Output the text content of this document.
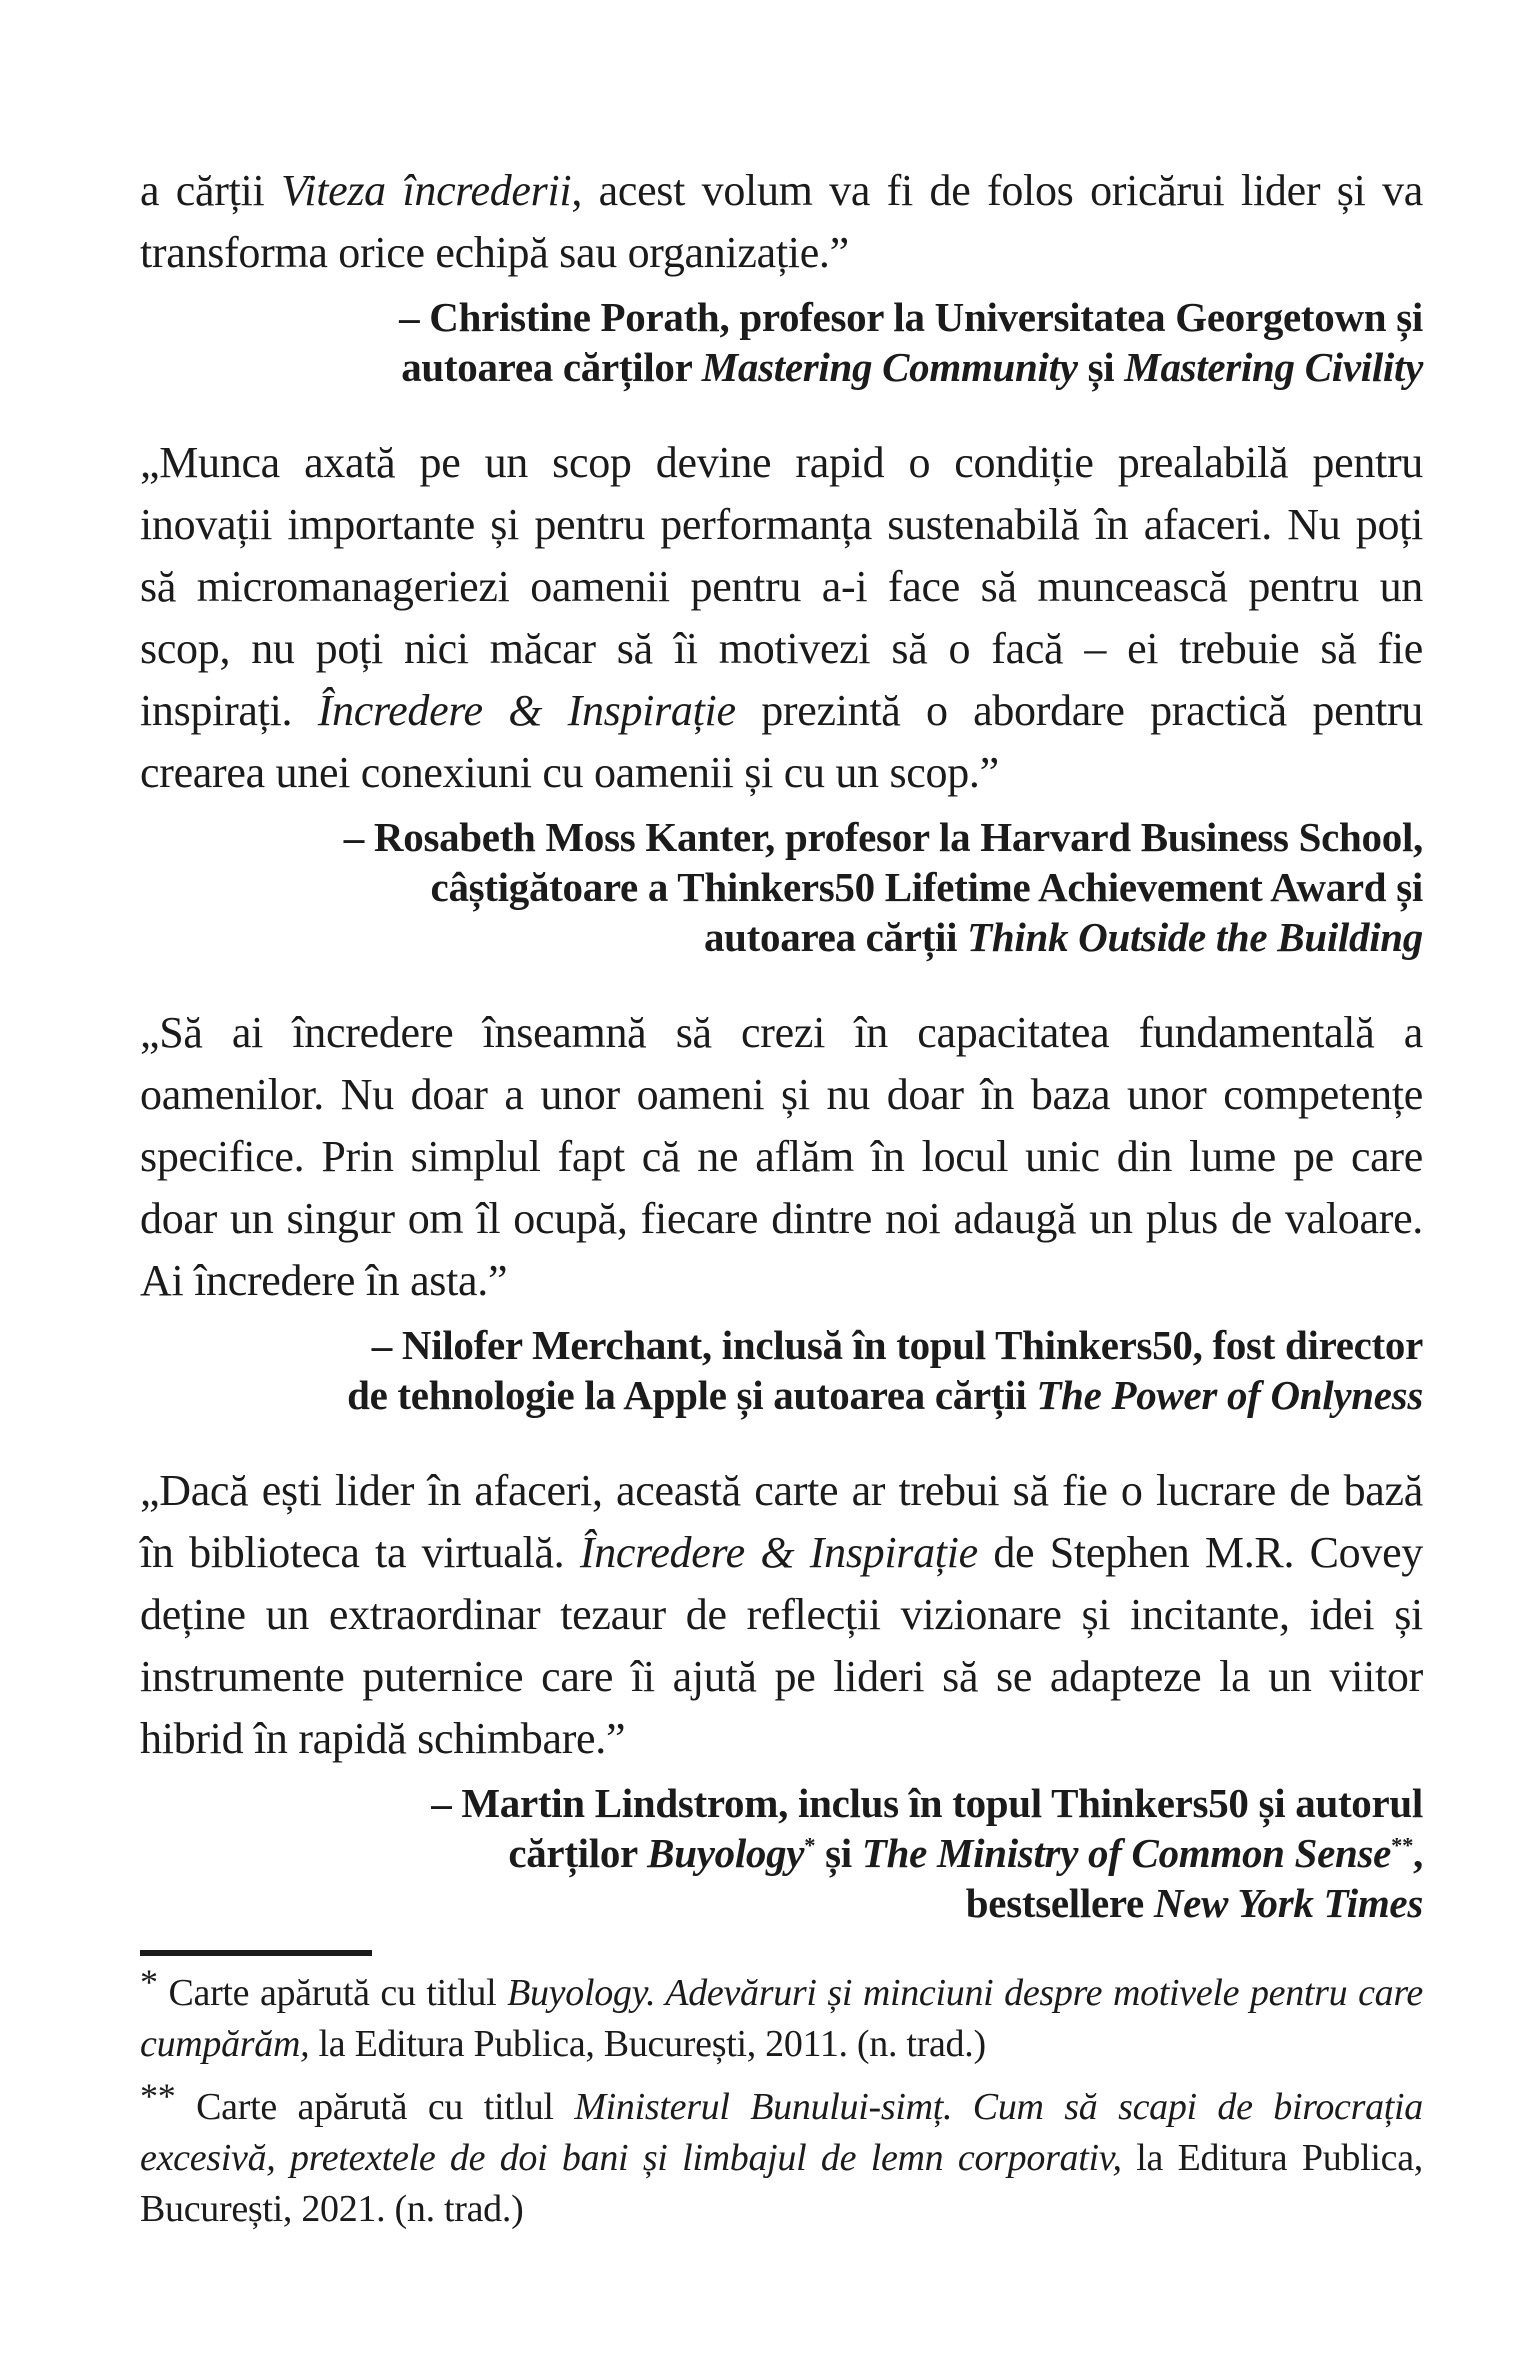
a cărții Viteza încrederii, acest volum va fi de folos oricărui lider și va transforma orice echipă sau organizație.”

– Christine Porath, profesor la Universitatea Georgetown și
autoarea cărților Mastering Community și Mastering Civility

„Munca axată pe un scop devine rapid o condiție prealabilă pentru inovații importante și pentru performanța sustenabilă în afaceri. Nu poți să micromanageriezi oamenii pentru a-i face să muncească pentru un scop, nu poți nici măcar să îi motivezi să o facă – ei trebuie să fie inspirați. Încredere & Inspirație prezintă o abordare practică pentru crearea unei conexiuni cu oamenii și cu un scop.”

– Rosabeth Moss Kanter, profesor la Harvard Business School,
câștigătoare a Thinkers50 Lifetime Achievement Award și
autoarea cărții Think Outside the Building

„Să ai încredere înseamnă să crezi în capacitatea fundamentală a oamenilor. Nu doar a unor oameni și nu doar în baza unor competențe specifice. Prin simplul fapt că ne aflăm în locul unic din lume pe care doar un singur om îl ocupă, fiecare dintre noi adaugă un plus de valoare. Ai încredere în asta.”

– Nilofer Merchant, inclusă în topul Thinkers50, fost director
de tehnologie la Apple și autoarea cărții The Power of Onlyness

„Dacă ești lider în afaceri, această carte ar trebui să fie o lucrare de bază în biblioteca ta virtuală. Încredere & Inspirație de Stephen M.R. Covey deține un extraordinar tezaur de reflecții vizionare și incitante, idei și instrumente puternice care îi ajută pe lideri să se adapteze la un viitor hibrid în rapidă schimbare.”

– Martin Lindstrom, inclus în topul Thinkers50 și autorul
cărților Buyology* și The Ministry of Common Sense**,
bestsellere New York Times

* Carte apărută cu titlul Buyology. Adevăruri și minciuni despre motivele pentru care cumpărăm, la Editura Publica, București, 2011. (n. trad.)

** Carte apărută cu titlul Ministerul Bunului-simț. Cum să scapi de birocrația excesivă, pretextele de doi bani și limbajul de lemn corporativ, la Editura Publica, București, 2021. (n. trad.)
